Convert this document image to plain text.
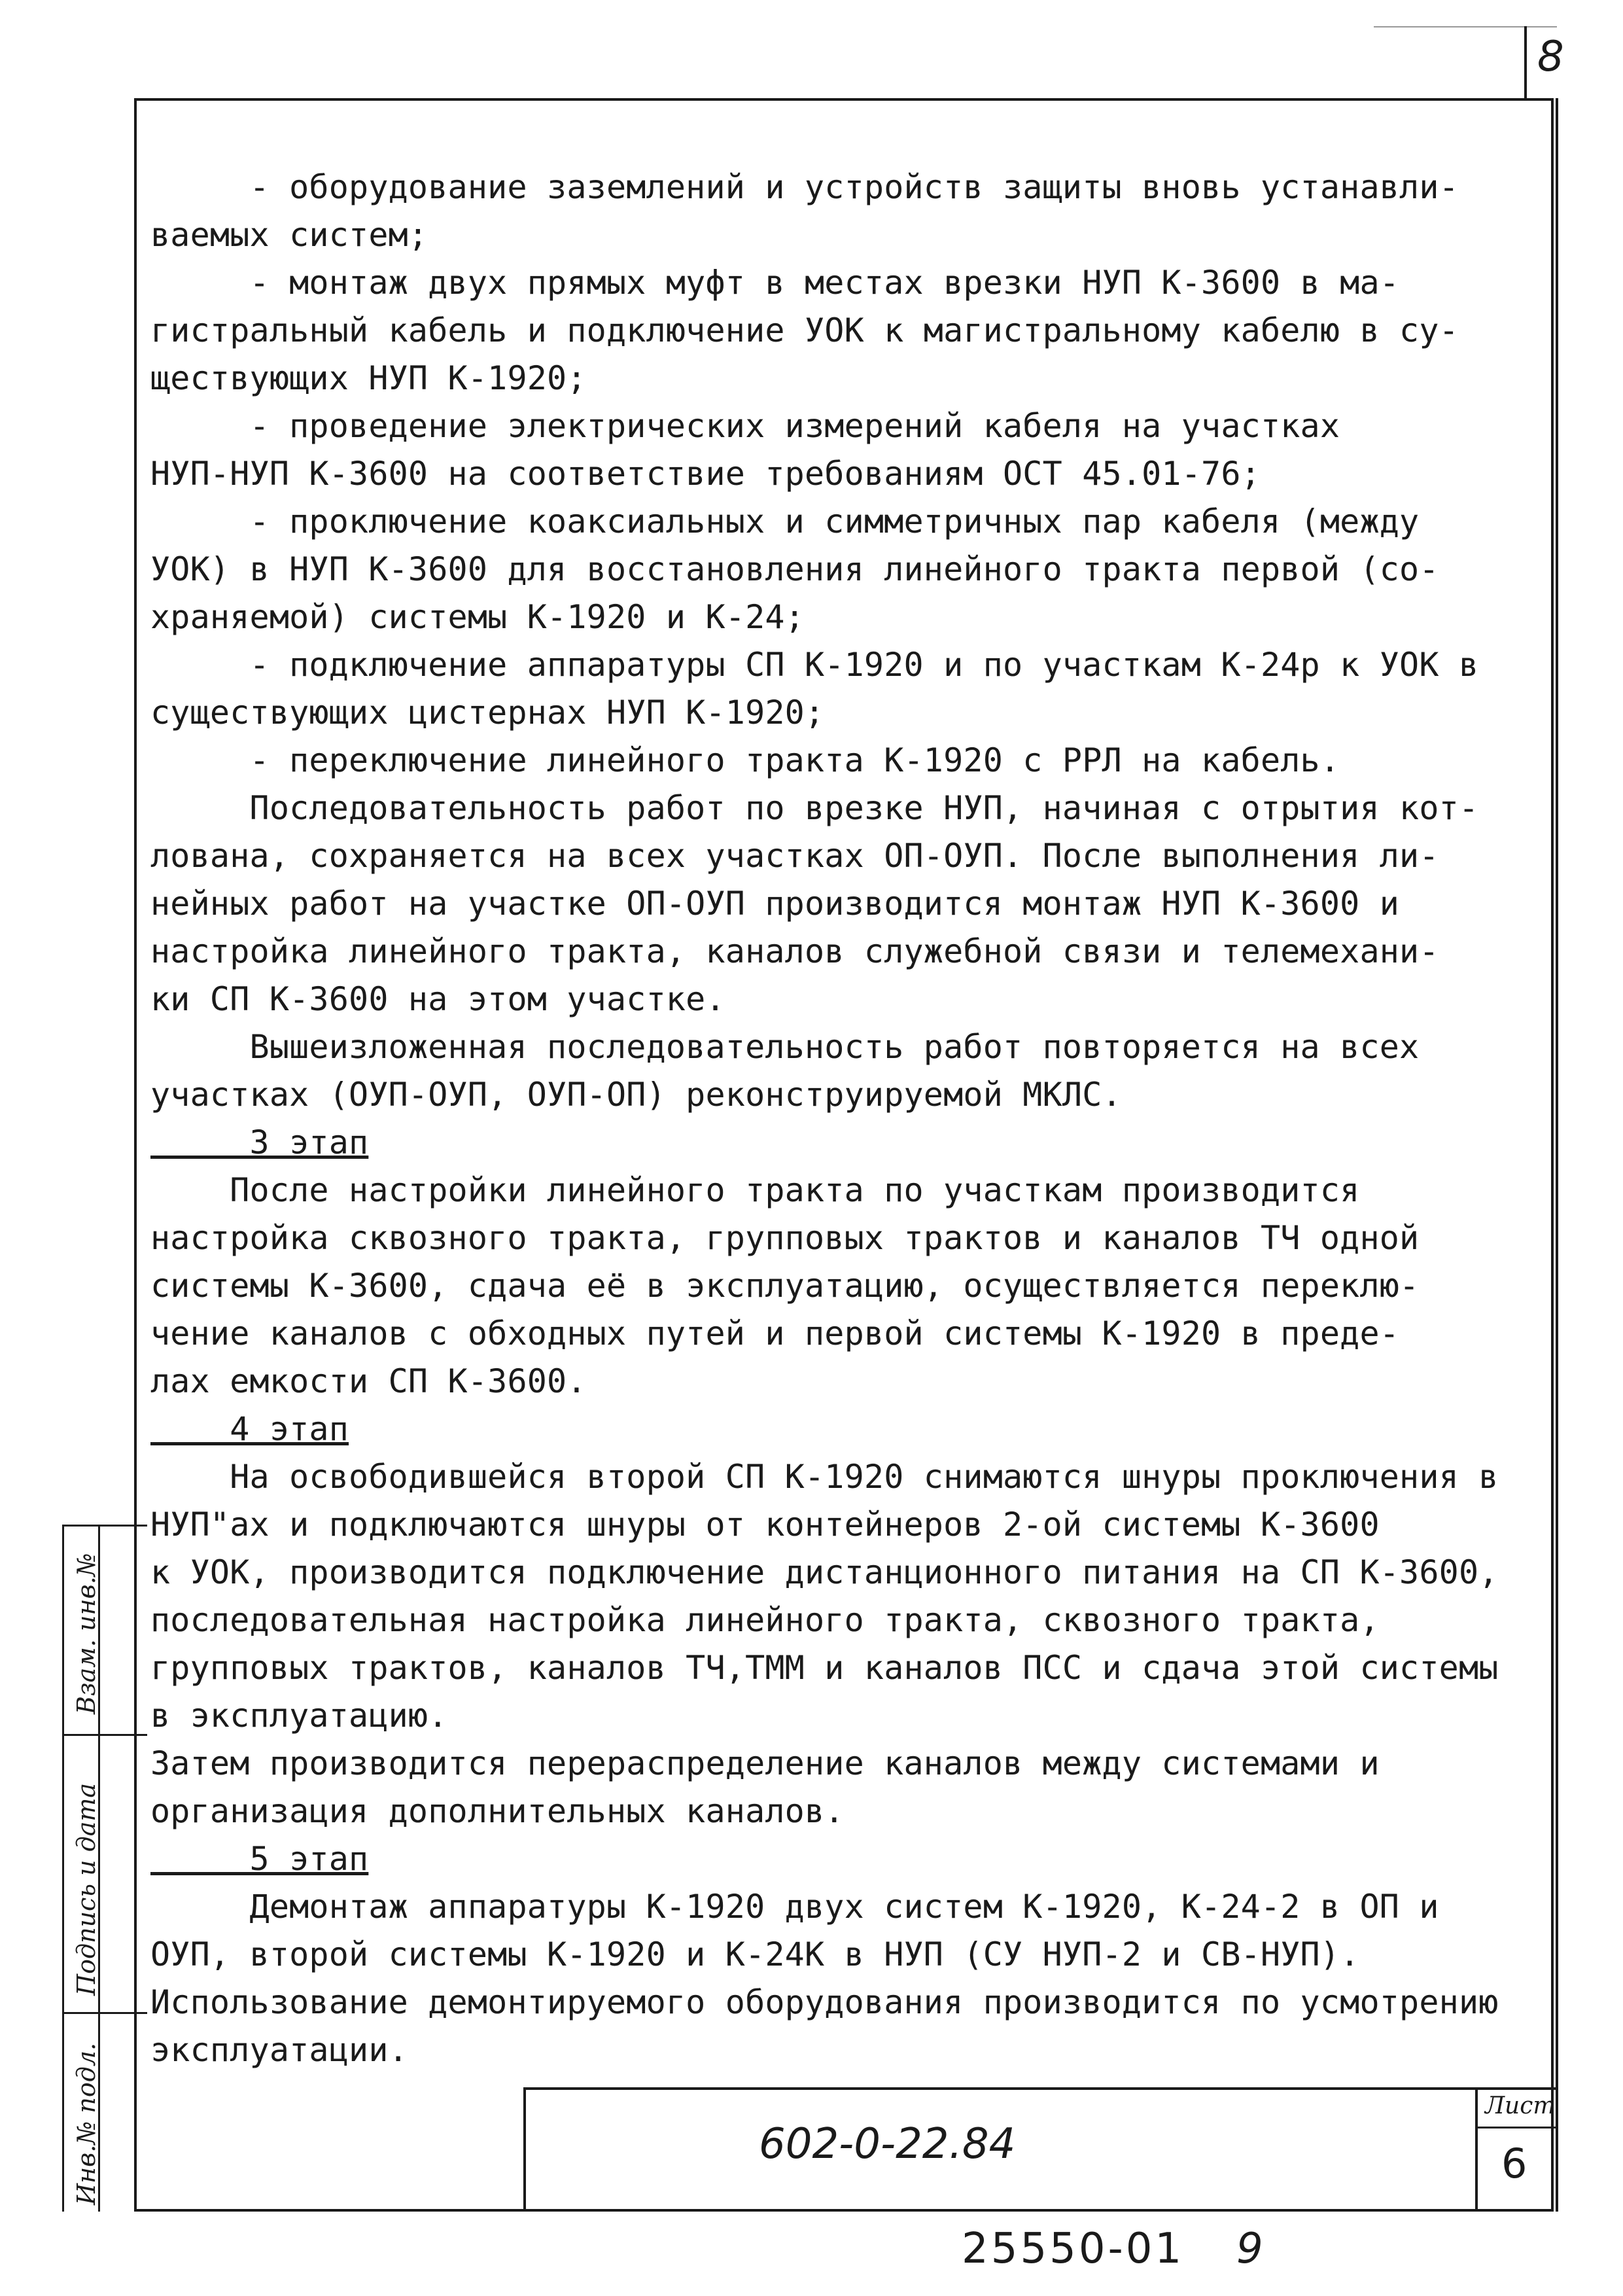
8

- оборудование заземлений и устройств защиты вновь устанавли-

ваемых систем;

- монтаж двух прямых муфт в местах врезки НУП К-3600 в ма-

гистральный кабель и подключение УОК к магистральному кабелю в су-

ществующих НУП К-1920;

- проведение электрических измерений кабеля на участках

НУП-НУП К-3600 на соответствие требованиям ОСТ 45.01-76;

- проключение коаксиальных и симметричных пар кабеля (между

УОК) в НУП К-3600 для восстановления линейного тракта первой (со-

храняемой) системы К-1920 и К-24;

- подключение аппаратуры СП К-1920 и по участкам К-24р к УОК в

существующих цистернах НУП К-1920;

- переключение линейного тракта К-1920 с РРЛ на кабель.

Последовательность работ по врезке НУП, начиная с отрытия кот-

лована, сохраняется на всех участках ОП-ОУП. После выполнения ли-

нейных работ на участке ОП-ОУП производится монтаж НУП К-3600 и

настройка линейного тракта, каналов служебной связи и телемехани-

ки СП К-3600 на этом участке.

Вышеизложенная последовательность работ повторяется на всех

участках (ОУП-ОУП, ОУП-ОП) реконструируемой МКЛС.

3 этап

После настройки линейного тракта по участкам производится

настройка сквозного тракта, групповых трактов и каналов ТЧ одной

системы К-3600, сдача её в эксплуатацию, осуществляется переклю-

чение каналов с обходных путей и первой системы К-1920 в преде-

лах емкости СП К-3600.

4 этап

На освободившейся второй СП К-1920 снимаются шнуры проключения в

НУП"ах и подключаются шнуры от контейнеров 2-ой системы К-3600

к УОК, производится подключение дистанционного питания на СП К-3600,

последовательная настройка линейного тракта, сквозного тракта,

групповых трактов, каналов ТЧ,ТММ и каналов ПСС и сдача этой системы

в эксплуатацию.

Затем производится перераспределение каналов между системами и

организация дополнительных каналов.

5 этап

Демонтаж аппаратуры К-1920 двух систем К-1920, К-24-2 в ОП и

ОУП, второй системы К-1920 и К-24К в НУП (СУ НУП-2 и СВ-НУП).

Использование демонтируемого оборудования производится по усмотрению

эксплуатации.

Взам. инв.№
Подпись и дата
Инв.№ подл.	602-0-22.84
Лист
6
25550-01 9
